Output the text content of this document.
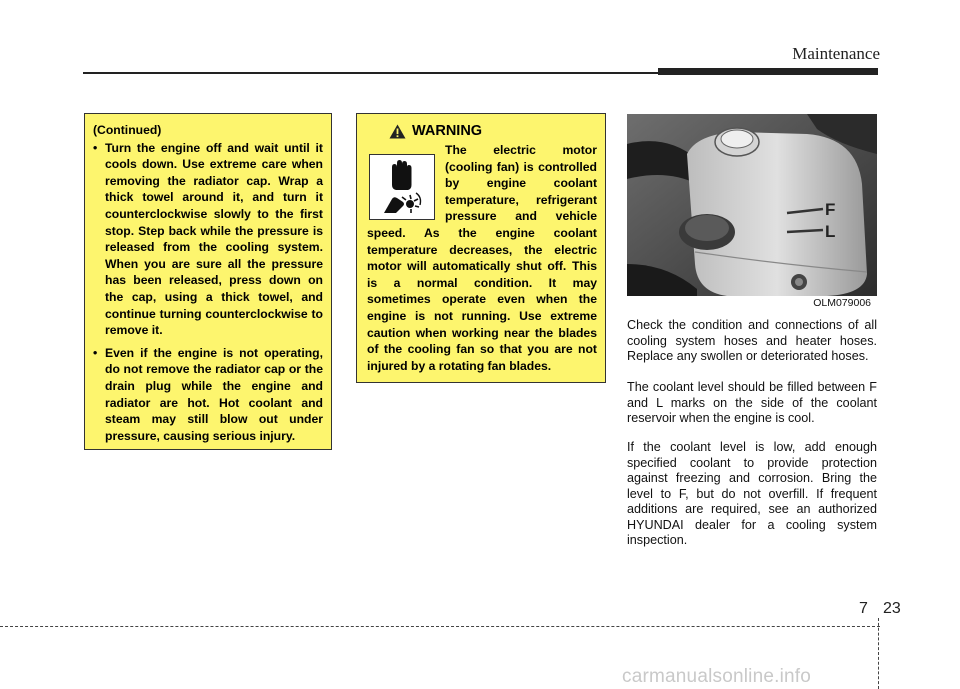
Maintenance
(Continued)
• Turn the engine off and wait until it cools down. Use extreme care when removing the radiator cap. Wrap a thick towel around it, and turn it counterclockwise slowly to the first stop. Step back while the pressure is released from the cooling system. When you are sure all the pressure has been released, press down on the cap, using a thick towel, and continue turning counterclockwise to remove it.
• Even if the engine is not operating, do not remove the radiator cap or the drain plug while the engine and radiator are hot. Hot coolant and steam may still blow out under pressure, causing serious injury.
WARNING
The electric motor (cooling fan) is controlled by engine coolant temperature, refrigerant pressure and vehicle speed. As the engine coolant temperature decreases, the electric motor will automatically shut off. This is a normal condition. It may sometimes operate even when the engine is not running. Use extreme caution when working near the blades of the cooling fan so that you are not injured by a rotating fan blades.
F
L
OLM079006
Check the condition and connections of all cooling system hoses and heater hoses. Replace any swollen or deteriorated hoses.
The coolant level should be filled between F and L marks on the side of the coolant reservoir when the engine is cool.
If the coolant level is low, add enough specified coolant to provide protection against freezing and corrosion. Bring the level to F, but do not overfill. If frequent additions are required, see an authorized HYUNDAI dealer for a cooling system inspection.
7 23
carmanualsonline.info
